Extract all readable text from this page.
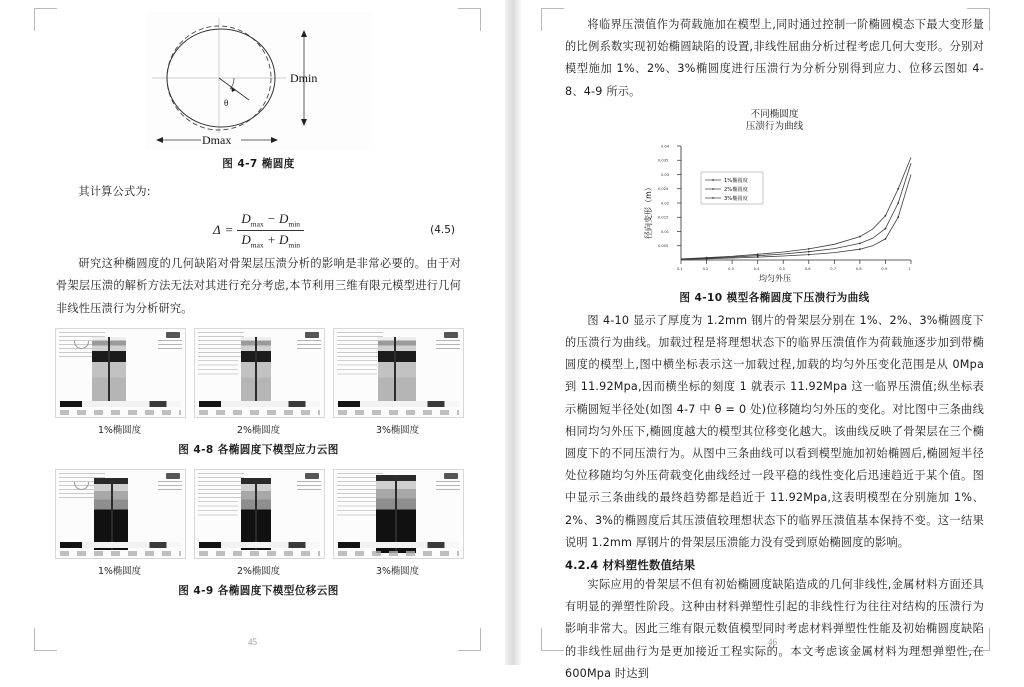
θ
Dmin
Dmax
图 4-7 椭圆度

其计算公式为:

$\Delta = \frac{D_{max} - D_{min}}{D_{max} + D_{min}}$	(4.5)

研究这种椭圆度的几何缺陷对骨架层压溃分析的影响是非常必要的。由于对骨架层压溃的解析方法无法对其进行充分考虑,本节利用三维有限元模型进行几何非线性压溃行为分析研究。

1%椭圆度	2%椭圆度	3%椭圆度
图 4-8 各椭圆度下模型应力云图
1%椭圆度	2%椭圆度	3%椭圆度
图 4-9 各椭圆度下模型位移云图
45

将临界压溃值作为荷载施加在模型上,同时通过控制一阶椭圆模态下最大变形量的比例系数实现初始椭圆缺陷的设置,非线性屈曲分析过程考虑几何大变形。分别对模型施加 1%、2%、3%椭圆度进行压溃行为分析分别得到应力、位移云图如 4-8、4-9 所示。

不同椭圆度
压溃行为曲线
0.04
0.035
0.03
0.025
0.02
0.015
0.01
0.005
0.1	0.2	0.3	0.4	0.5	0.6	0.7	0.8	0.9	1
1%椭圆度
2%椭圆度
3%椭圆度
径向变形（m）
均匀外压
图 4-10 模型各椭圆度下压溃行为曲线

图 4-10 显示了厚度为 1.2mm 钢片的骨架层分别在 1%、2%、3%椭圆度下的压溃行为曲线。加载过程是将理想状态下的临界压溃值作为荷载施逐步加到带椭圆度的模型上,图中横坐标表示这一加载过程,加载的均匀外压变化范围是从 0Mpa 到 11.92Mpa,因而横坐标的刻度 1 就表示 11.92Mpa 这一临界压溃值;纵坐标表示椭圆短半径处(如图 4-7 中 θ = 0 处)位移随均匀外压的变化。对比图中三条曲线相同均匀外压下,椭圆度越大的模型其位移变化越大。该曲线反映了骨架层在三个椭圆度下的不同压溃行为。从图中三条曲线可以看到模型施加初始椭圆后,椭圆短半径处位移随均匀外压荷载变化曲线经过一段平稳的线性变化后迅速趋近于某个值。图中显示三条曲线的最终趋势都是趋近于 11.92Mpa,这表明模型在分别施加 1%、2%、3%的椭圆度后其压溃值较理想状态下的临界压溃值基本保持不变。这一结果说明 1.2mm 厚钢片的骨架层压溃能力没有受到原始椭圆度的影响。

4.2.4 材料塑性数值结果

实际应用的骨架层不但有初始椭圆度缺陷造成的几何非线性,金属材料方面还具有明显的弹塑性阶段。这种由材料弹塑性引起的非线性行为往往对结构的压溃行为影响非常大。因此三维有限元数值模型同时考虑材料弹塑性性能及初始椭圆度缺陷的非线性屈曲行为是更加接近工程实际的。本文考虑该金属材料为理想弹塑性,在 600Mpa 时达到

46
